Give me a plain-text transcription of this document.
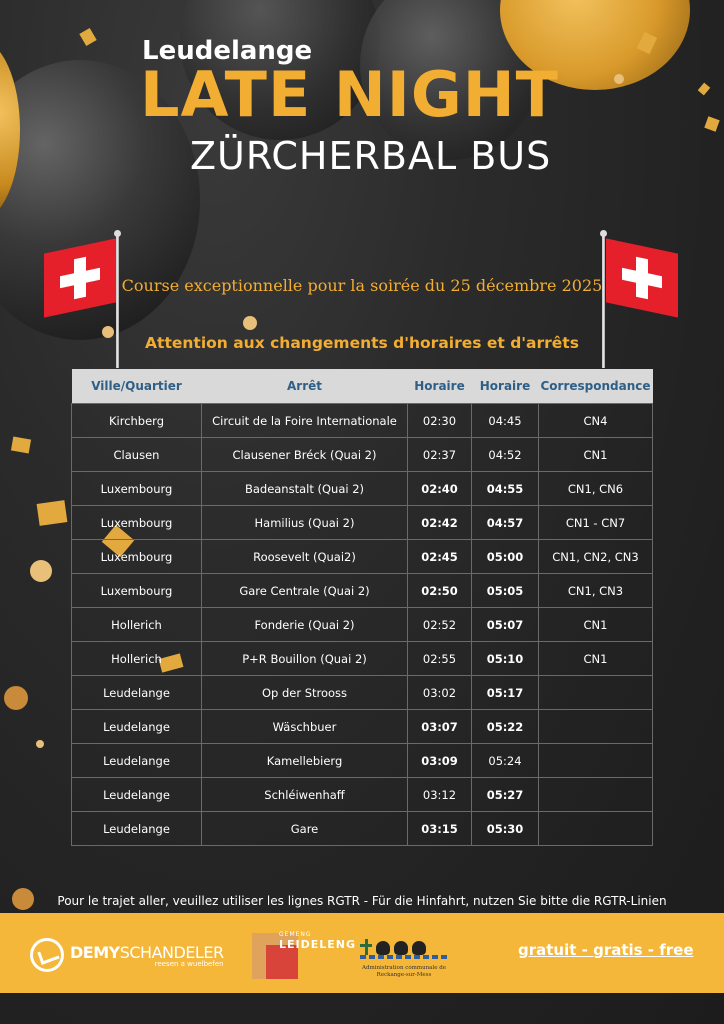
Leudelange
LATE NIGHT
ZÜRCHERBAL BUS
Course exceptionnelle pour la soirée du 25 décembre 2025
Attention aux changements d'horaires et d'arrêts
Ville/Quartier	Arrêt	Horaire	Horaire	Correspondance
Kirchberg	Circuit de la Foire Internationale	02:30	04:45	CN4
Clausen	Clausener Bréck (Quai 2)	02:37	04:52	CN1
Luxembourg	Badeanstalt (Quai 2)	02:40	04:55	CN1, CN6
Luxembourg	Hamilius (Quai 2)	02:42	04:57	CN1 - CN7
Luxembourg	Roosevelt (Quai2)	02:45	05:00	CN1, CN2, CN3
Luxembourg	Gare Centrale (Quai 2)	02:50	05:05	CN1, CN3
Hollerich	Fonderie (Quai 2)	02:52	05:07	CN1
Hollerich	P+R Bouillon (Quai 2)	02:55	05:10	CN1
Leudelange	Op der Strooss	03:02	05:17	
Leudelange	Wäschbuer	03:07	05:22	
Leudelange	Kamellebierg	03:09	05:24	
Leudelange	Schléiwenhaff	03:12	05:27	
Leudelange	Gare	03:15	05:30	
Pour le trajet aller, veuillez utiliser les lignes RGTR - Für die Hinfahrt, nutzen Sie bitte die RGTR-Linien
DEMYSCHANDELER
reesen a wuelbefen
GEMENG
LEIDELENG
Administration communale de Reckange-sur-Mess
gratuit - gratis - free
